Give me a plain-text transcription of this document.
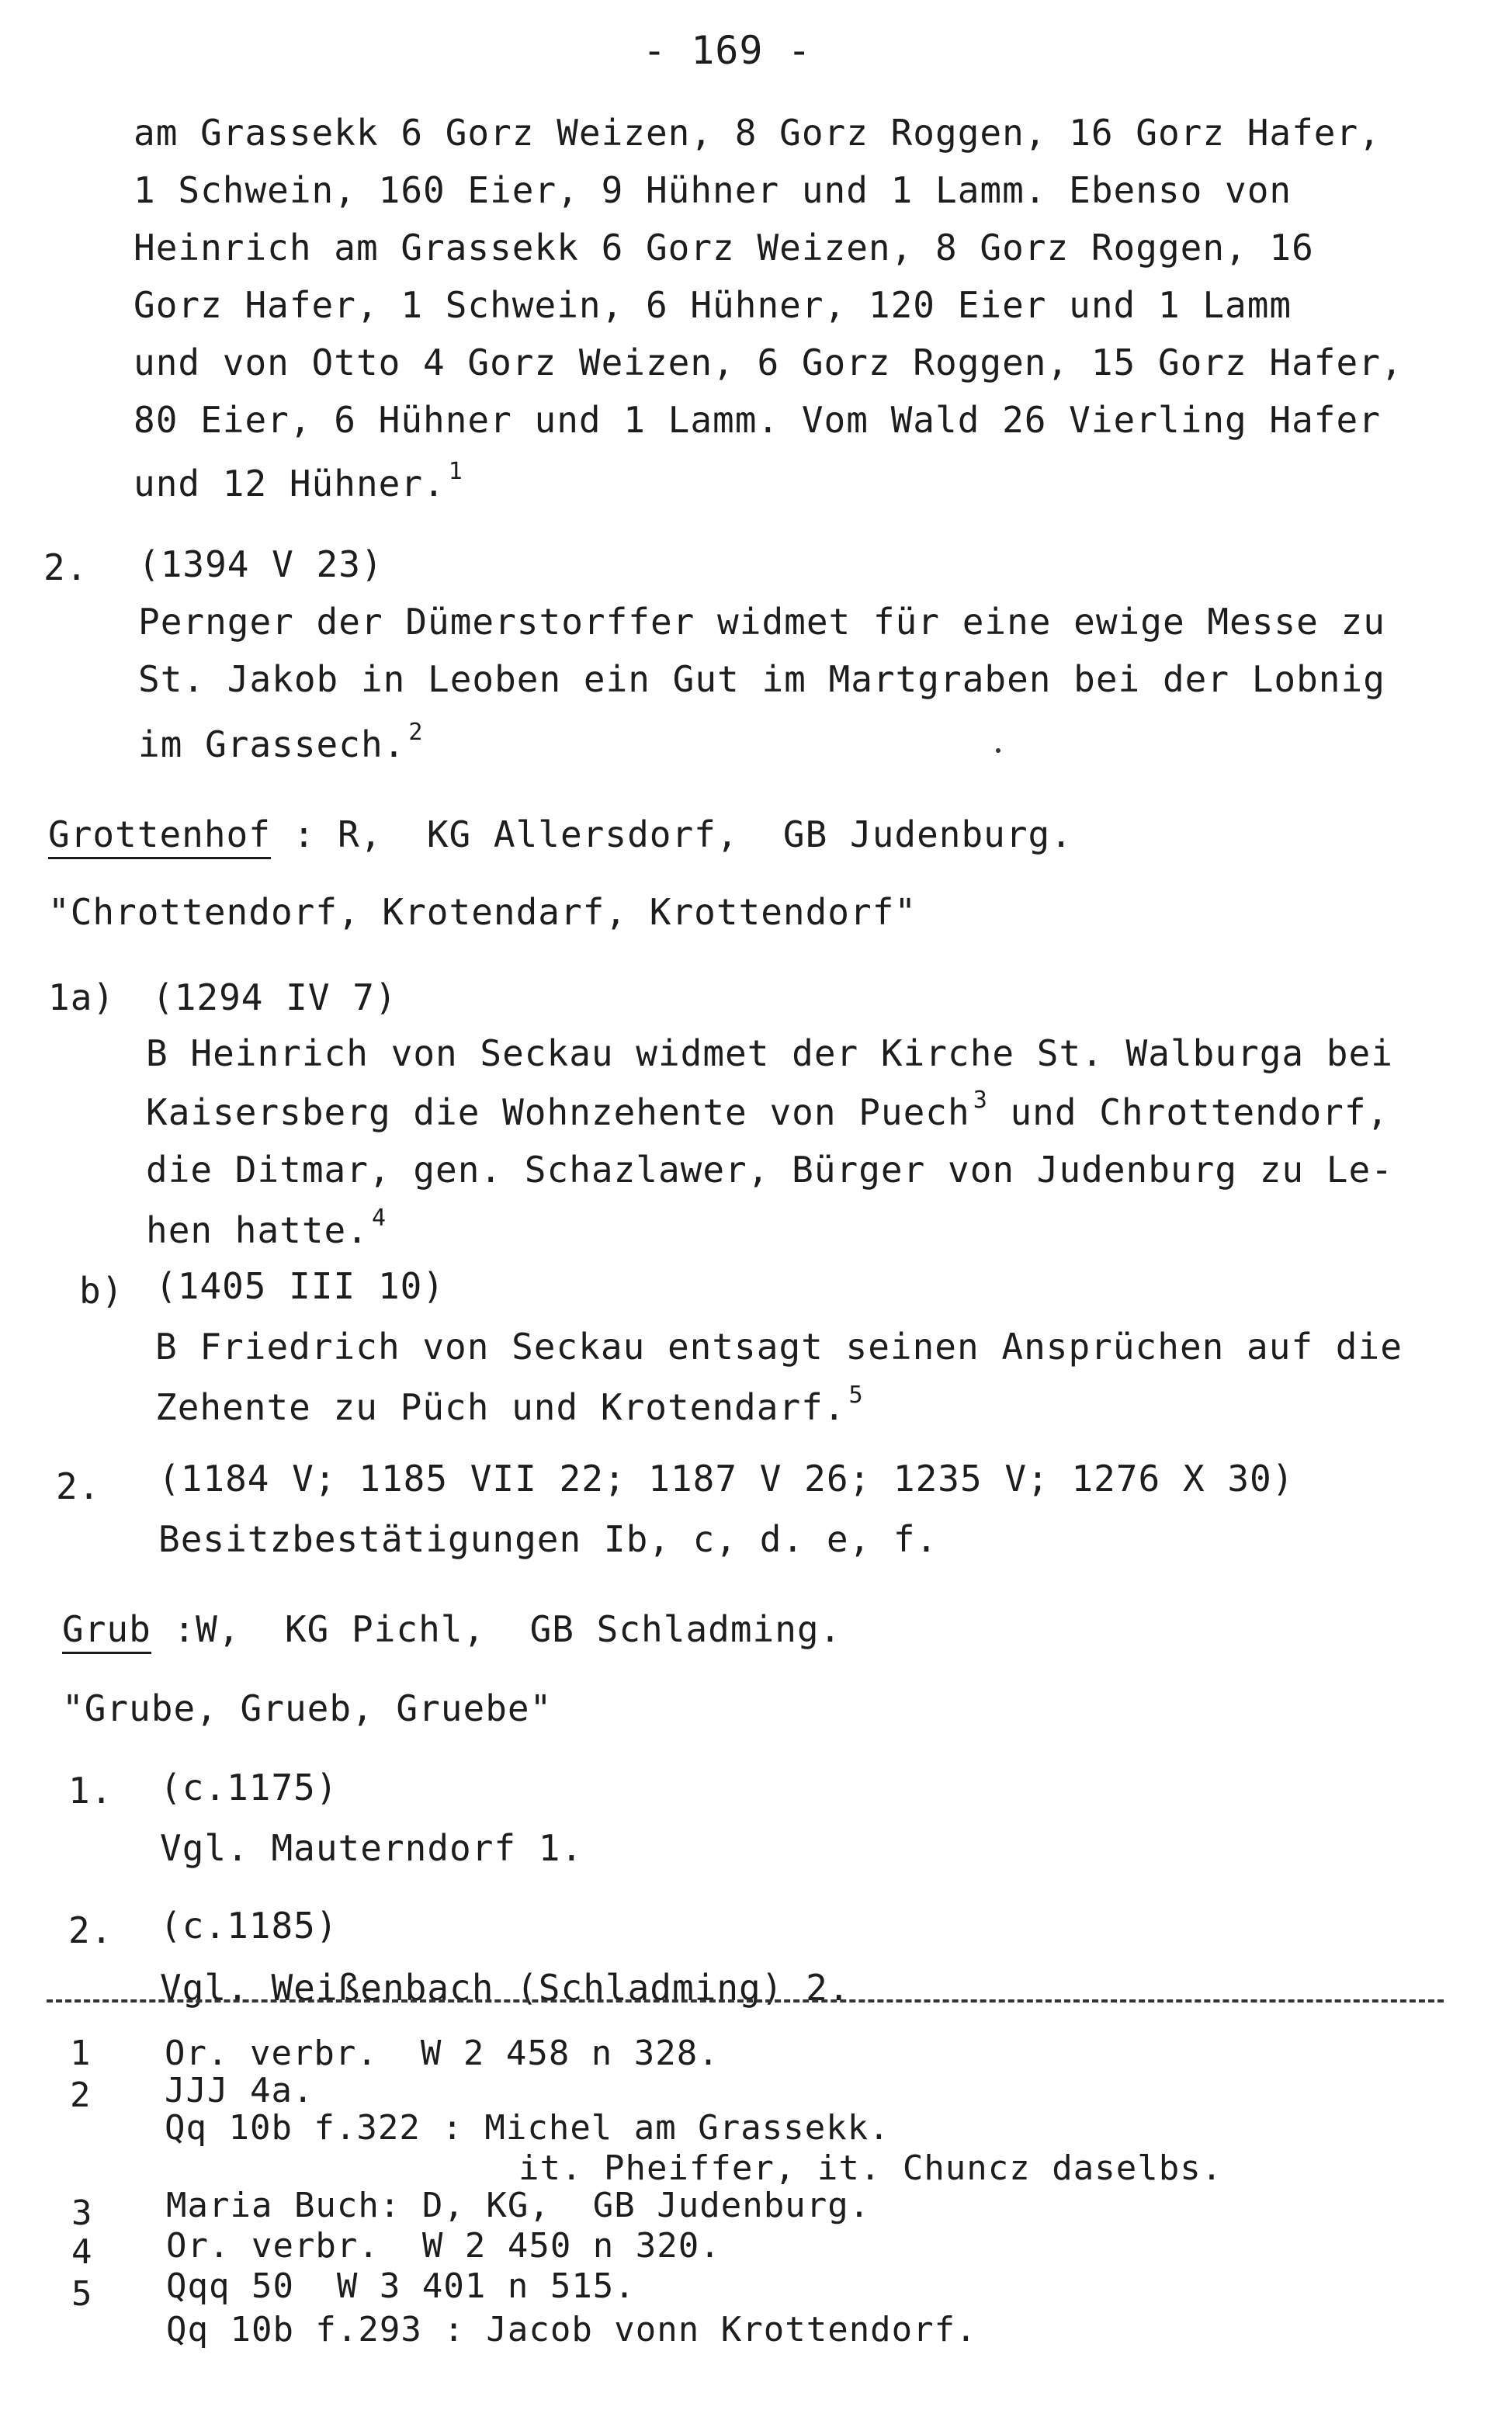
- 169 -
am Grassekk 6 Gorz Weizen, 8 Gorz Roggen, 16 Gorz Hafer,
1 Schwein, 160 Eier, 9 Hühner und 1 Lamm. Ebenso von
Heinrich am Grassekk 6 Gorz Weizen, 8 Gorz Roggen, 16
Gorz Hafer, 1 Schwein, 6 Hühner, 120 Eier und 1 Lamm
und von Otto 4 Gorz Weizen, 6 Gorz Roggen, 15 Gorz Hafer,
80 Eier, 6 Hühner und 1 Lamm. Vom Wald 26 Vierling Hafer
und 12 Hühner. $^1$
2. (1394 V 23)
Pernger der Dümerstorffer widmet für eine ewige Messe zu
St. Jakob in Leoben ein Gut im Martgraben bei der Lobnig
im Grassech. $^2$
Grottenhof : R,  KG Allersdorf,  GB Judenburg.
"Chrottendorf, Krotendarf, Krottendorf"
1a) (1294 IV 7)
B Heinrich von Seckau widmet der Kirche St. Walburga bei
Kaisersberg die Wohnzehente von Puech $^3$ und Chrottendorf,
die Ditmar, gen. Schazlawer, Bürger von Judenburg zu Le-
hen hatte. $^4$
b) (1405 III 10)
B Friedrich von Seckau entsagt seinen Ansprüchen auf die
Zehente zu Püch und Krotendarf. $^5$
2. (1184 V; 1185 VII 22; 1187 V 26; 1235 V; 1276 X 30)
Besitzbestätigungen Ib, c, d. e, f.
Grub :W,  KG Pichl,  GB Schladming.
"Grube, Grueb, Gruebe"
1. (c.1175)
Vgl. Mauterndorf 1.
2. (c.1185)
Vgl. Weißenbach (Schladming) 2.
1 Or. verbr.  W 2 458 n 328.
2 JJJ 4a.
Qq 10b f.322 : Michel am Grassekk.
it. Pheiffer, it. Chuncz daselbs.
3 Maria Buch: D, KG,  GB Judenburg.
4 Or. verbr.  W 2 450 n 320.
5 Qqq 50  W 3 401 n 515.
Qq 10b f.293 : Jacob vonn Krottendorf.
